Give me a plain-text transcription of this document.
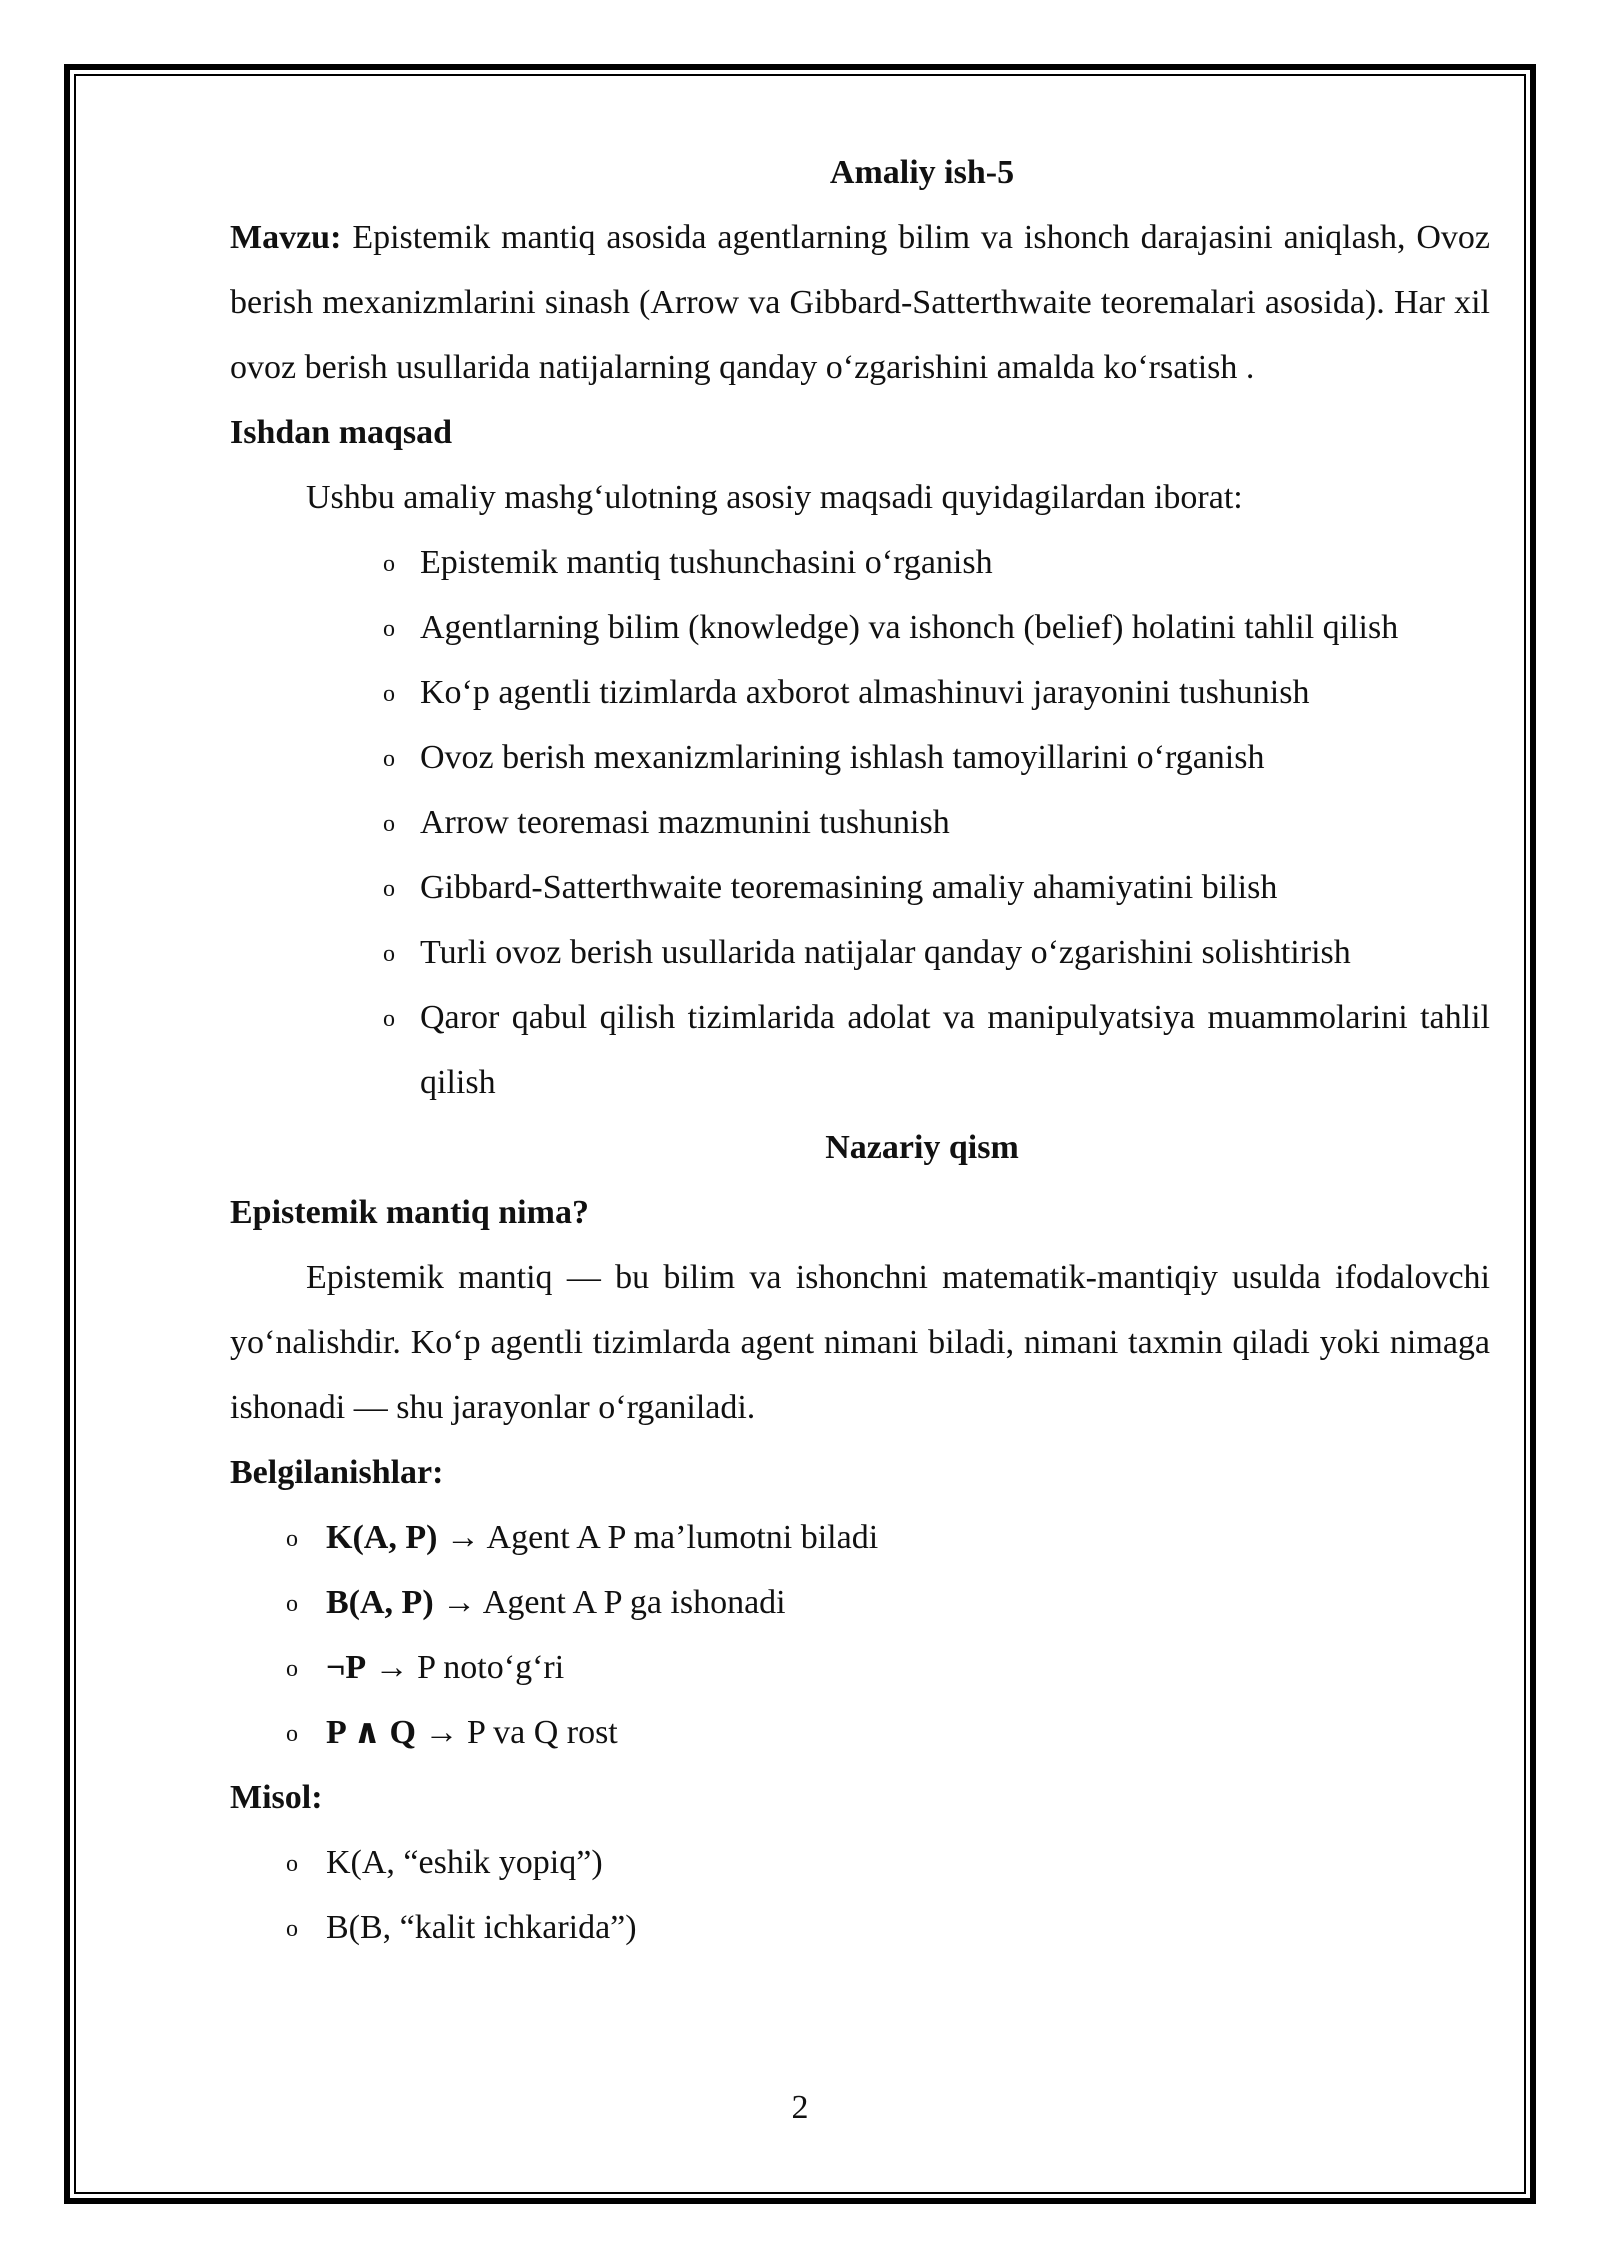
Amaliy ish-5
Mavzu: Epistemik mantiq asosida agentlarning bilim va ishonch darajasini aniqlash, Ovoz berish mexanizmlarini sinash (Arrow va Gibbard-Satterthwaite teoremalari asosida). Har xil ovoz berish usullarida natijalarning qanday oʻzgarishini amalda koʻrsatish .
Ishdan maqsad
Ushbu amaliy mashgʻulotning asosiy maqsadi quyidagilardan iborat:
o Epistemik mantiq tushunchasini oʻrganish
o Agentlarning bilim (knowledge) va ishonch (belief) holatini tahlil qilish
o Koʻp agentli tizimlarda axborot almashinuvi jarayonini tushunish
o Ovoz berish mexanizmlarining ishlash tamoyillarini oʻrganish
o Arrow teoremasi mazmunini tushunish
o Gibbard-Satterthwaite teoremasining amaliy ahamiyatini bilish
o Turli ovoz berish usullarida natijalar qanday oʻzgarishini solishtirish
o Qaror qabul qilish tizimlarida adolat va manipulyatsiya muammolarini tahlil qilish
Nazariy qism
Epistemik mantiq nima?
Epistemik mantiq — bu bilim va ishonchni matematik-mantiqiy usulda ifodalovchi yoʻnalishdir. Koʻp agentli tizimlarda agent nimani biladi, nimani taxmin qiladi yoki nimaga ishonadi — shu jarayonlar oʻrganiladi.
Belgilanishlar:
o K(A, P) → Agent A P ma’lumotni biladi
o B(A, P) → Agent A P ga ishonadi
o ¬P → P notoʻgʻri
o P ∧ Q → P va Q rost
Misol:
o K(A, “eshik yopiq”)
o B(B, “kalit ichkarida”)
2
